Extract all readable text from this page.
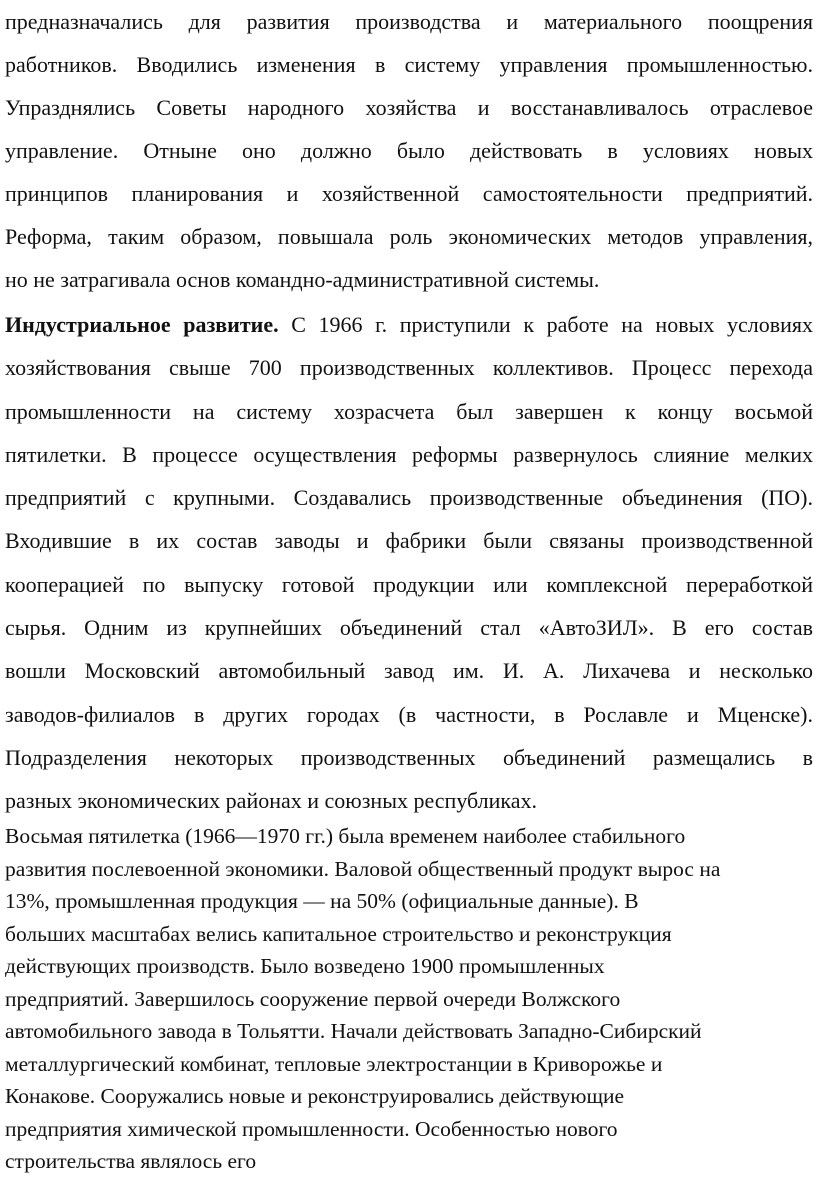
предназначались для развития производства и материального поощрения
работников. Вводились изменения в систему управления промышленностью.
Упразднялись Советы народного хозяйства и восстанавливалось отраслевое
управление. Отныне оно должно было действовать в условиях новых
принципов планирования и хозяйственной самостоятельности предприятий.
Реформа, таким образом, повышала роль экономических методов управления,
но не затрагивала основ командно-административной системы.
Индустриальное развитие. С 1966 г. приступили к работе на новых условиях
хозяйствования свыше 700 производственных коллективов. Процесс перехода
промышленности на систему хозрасчета был завершен к концу восьмой
пятилетки. В процессе осуществления реформы развернулось слияние мелких
предприятий с крупными. Создавались производственные объединения (ПО).
Входившие в их состав заводы и фабрики были связаны производственной
кооперацией по выпуску готовой продукции или комплексной переработкой
сырья. Одним из крупнейших объединений стал «АвтоЗИЛ». В его состав
вошли Московский автомобильный завод им. И. А. Лихачева и несколько
заводов-филиалов в других городах (в частности, в Рославле и Мценске).
Подразделения некоторых производственных объединений размещались в
разных экономических районах и союзных республиках.
Восьмая пятилетка (1966—1970 гг.) была временем наиболее стабильного
развития послевоенной экономики. Валовой общественный продукт вырос на
13%, промышленная продукция — на 50% (официальные данные). В
больших масштабах велись капитальное строительство и реконструкция
действующих производств. Было возведено 1900 промышленных
предприятий. Завершилось сооружение первой очереди Волжского
автомобильного завода в Тольятти. Начали действовать Западно-Сибирский
металлургический комбинат, тепловые электростанции в Криворожье и
Конакове. Сооружались новые и реконструировались действующие
предприятия химической промышленности. Особенностью нового
строительства являлось его
